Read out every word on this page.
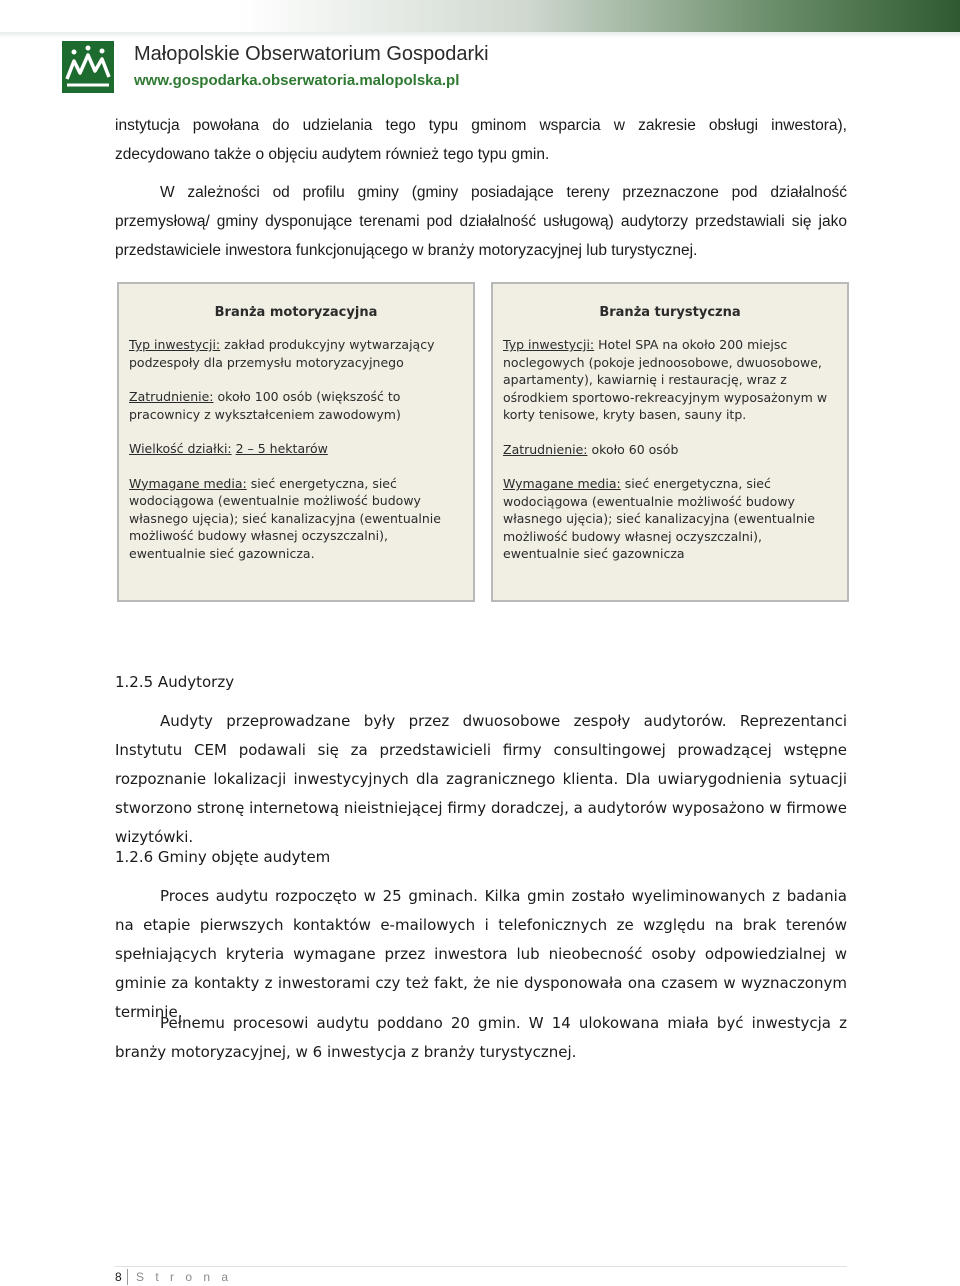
Małopolskie Obserwatorium Gospodarki
www.gospodarka.obserwatoria.malopolska.pl

instytucja powołana do udzielania tego typu gminom wsparcia w zakresie obsługi inwestora), zdecydowano także o objęciu audytem również tego typu gmin.

W zależności od profilu gminy (gminy posiadające tereny przeznaczone pod działalność przemysłową/ gminy dysponujące terenami pod działalność usługową) audytorzy przedstawiali się jako przedstawiciele inwestora funkcjonującego w branży motoryzacyjnej lub turystycznej.

Branża motoryzacyjna
Typ inwestycji: zakład produkcyjny wytwarzający podzespoły dla przemysłu motoryzacyjnego
Zatrudnienie: około 100 osób (większość to pracownicy z wykształceniem zawodowym)
Wielkość działki: 2 – 5 hektarów
Wymagane media: sieć energetyczna, sieć wodociągowa (ewentualnie możliwość budowy własnego ujęcia); sieć kanalizacyjna (ewentualnie możliwość budowy własnej oczyszczalni), ewentualnie sieć gazownicza.
Branża turystyczna
Typ inwestycji: Hotel SPA na około 200 miejsc noclegowych (pokoje jednoosobowe, dwuosobowe, apartamenty), kawiarnię i restaurację, wraz z ośrodkiem sportowo-rekreacyjnym wyposażonym w korty tenisowe, kryty basen, sauny itp.
Zatrudnienie: około 60 osób
Wymagane media: sieć energetyczna, sieć wodociągowa (ewentualnie możliwość budowy własnego ujęcia); sieć kanalizacyjna (ewentualnie możliwość budowy własnej oczyszczalni), ewentualnie sieć gazownicza
1.2.5 Audytorzy

Audyty przeprowadzane były przez dwuosobowe zespoły audytorów. Reprezentanci Instytutu CEM podawali się za przedstawicieli firmy consultingowej prowadzącej wstępne rozpoznanie lokalizacji inwestycyjnych dla zagranicznego klienta. Dla uwiarygodnienia sytuacji stworzono stronę internetową nieistniejącej firmy doradczej, a audytorów wyposażono w firmowe wizytówki.

1.2.6 Gminy objęte audytem

Proces audytu rozpoczęto w 25 gminach. Kilka gmin zostało wyeliminowanych z badania na etapie pierwszych kontaktów e-mailowych i telefonicznych ze względu na brak terenów spełniających kryteria wymagane przez inwestora lub nieobecność osoby odpowiedzialnej w gminie za kontakty z inwestorami czy też fakt, że nie dysponowała ona czasem w wyznaczonym terminie.

Pełnemu procesowi audytu poddano 20 gmin. W 14 ulokowana miała być inwestycja z branży motoryzacyjnej, w 6 inwestycja z branży turystycznej.

8 S t r o n a
